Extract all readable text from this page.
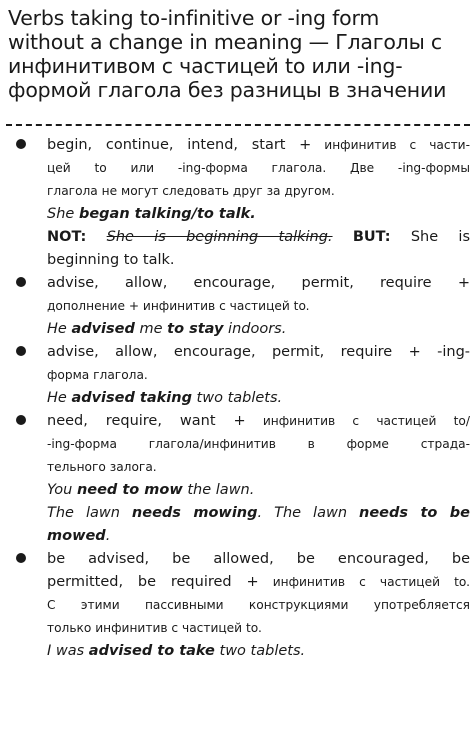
Verbs taking to-infinitive or -ing form
without a change in meaning — Глаголы с
инфинитивом с частицей to или -ing-
формой глагола без разницы в значении
begin, continue, intend, start + инфинитив с части-
цей to или -ing-форма глагола. Две -ing-формы
глагола не могут следовать друг за другом.
She began talking/to talk.
NOT: She is beginning talking. BUT: She is
beginning to talk.
advise, allow, encourage, permit, require +
дополнение + инфинитив с частицей to.
He advised me to stay indoors.
advise, allow, encourage, permit, require + -ing-
форма глагола.
He advised taking two tablets.
need, require, want + инфинитив с частицей to/
-ing-форма глагола/инфинитив в форме страда-
тельного залога.
You need to mow the lawn.
The lawn needs mowing. The lawn needs to be
mowed.
be advised, be allowed, be encouraged, be
permitted, be required + инфинитив с частицей to.
С этими пассивными конструкциями употребляется
только инфинитив с частицей to.
I was advised to take two tablets.
